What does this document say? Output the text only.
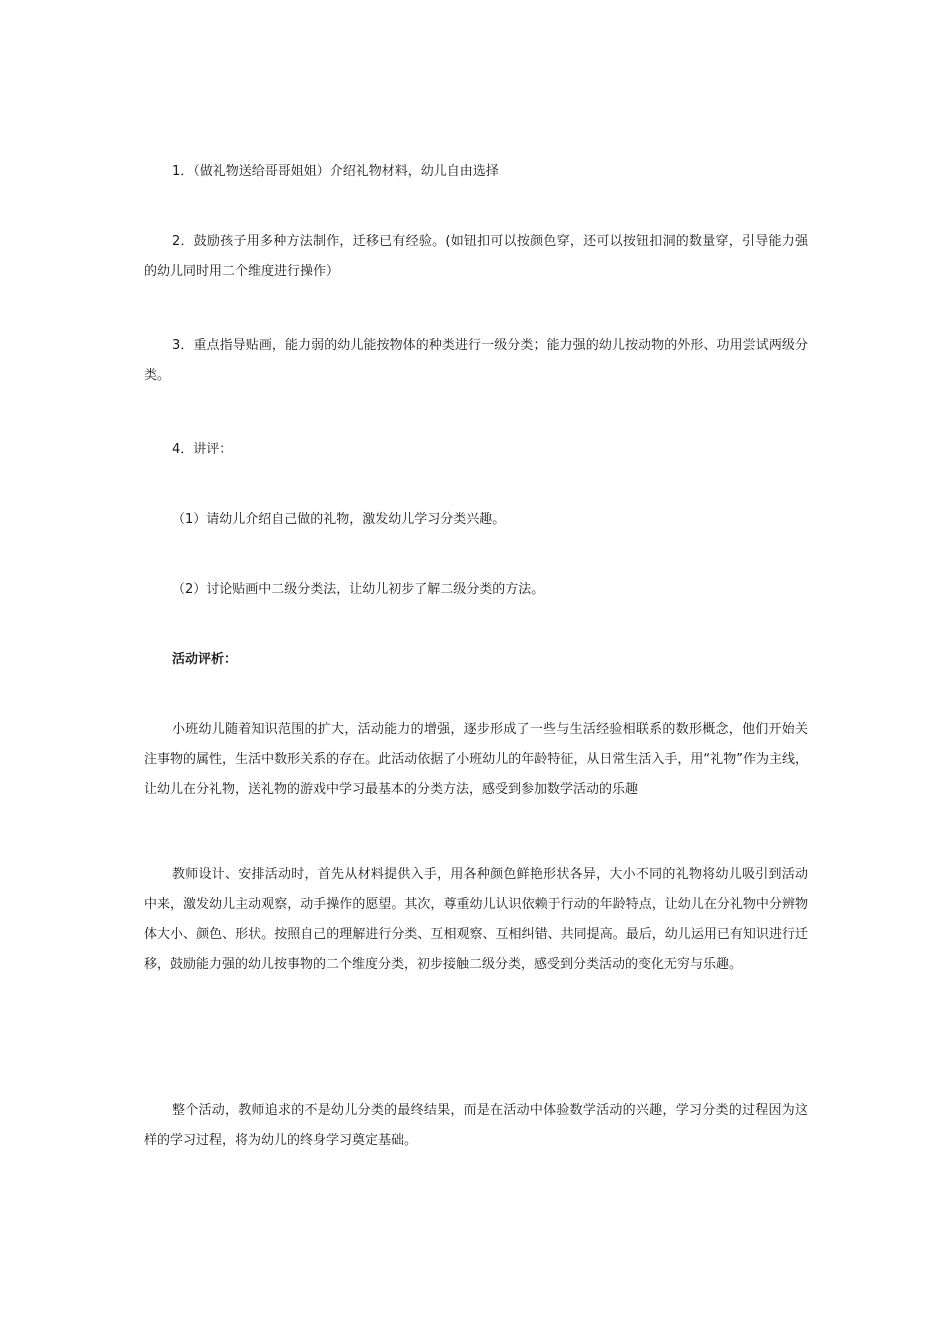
1．（做礼物送给哥哥姐姐）介绍礼物材料，幼儿自由选择

2．鼓励孩子用多种方法制作，迁移已有经验。(如钮扣可以按颜色穿，还可以按钮扣洞的数量穿，引导能力强的幼儿同时用二个维度进行操作）

3．重点指导贴画，能力弱的幼儿能按物体的种类进行一级分类；能力强的幼儿按动物的外形、功用尝试两级分类。

4．讲评：

（1）请幼儿介绍自己做的礼物，激发幼儿学习分类兴趣。

（2）讨论贴画中二级分类法，让幼儿初步了解二级分类的方法。

活动评析：

小班幼儿随着知识范围的扩大，活动能力的增强，逐步形成了一些与生活经验相联系的数形概念，他们开始关注事物的属性，生活中数形关系的存在。此活动依据了小班幼儿的年龄特征，从日常生活入手，用“礼物”作为主线，让幼儿在分礼物，送礼物的游戏中学习最基本的分类方法，感受到参加数学活动的乐趣

教师设计、安排活动时，首先从材料提供入手，用各种颜色鲜艳形状各异，大小不同的礼物将幼儿吸引到活动中来，激发幼儿主动观察，动手操作的愿望。其次，尊重幼儿认识依赖于行动的年龄特点，让幼儿在分礼物中分辨物体大小、颜色、形状。按照自己的理解进行分类、互相观察、互相纠错、共同提高。最后，幼儿运用已有知识进行迁移，鼓励能力强的幼儿按事物的二个维度分类，初步接触二级分类，感受到分类活动的变化无穷与乐趣。

整个活动，教师追求的不是幼儿分类的最终结果，而是在活动中体验数学活动的兴趣，学习分类的过程因为这样的学习过程，将为幼儿的终身学习奠定基础。
